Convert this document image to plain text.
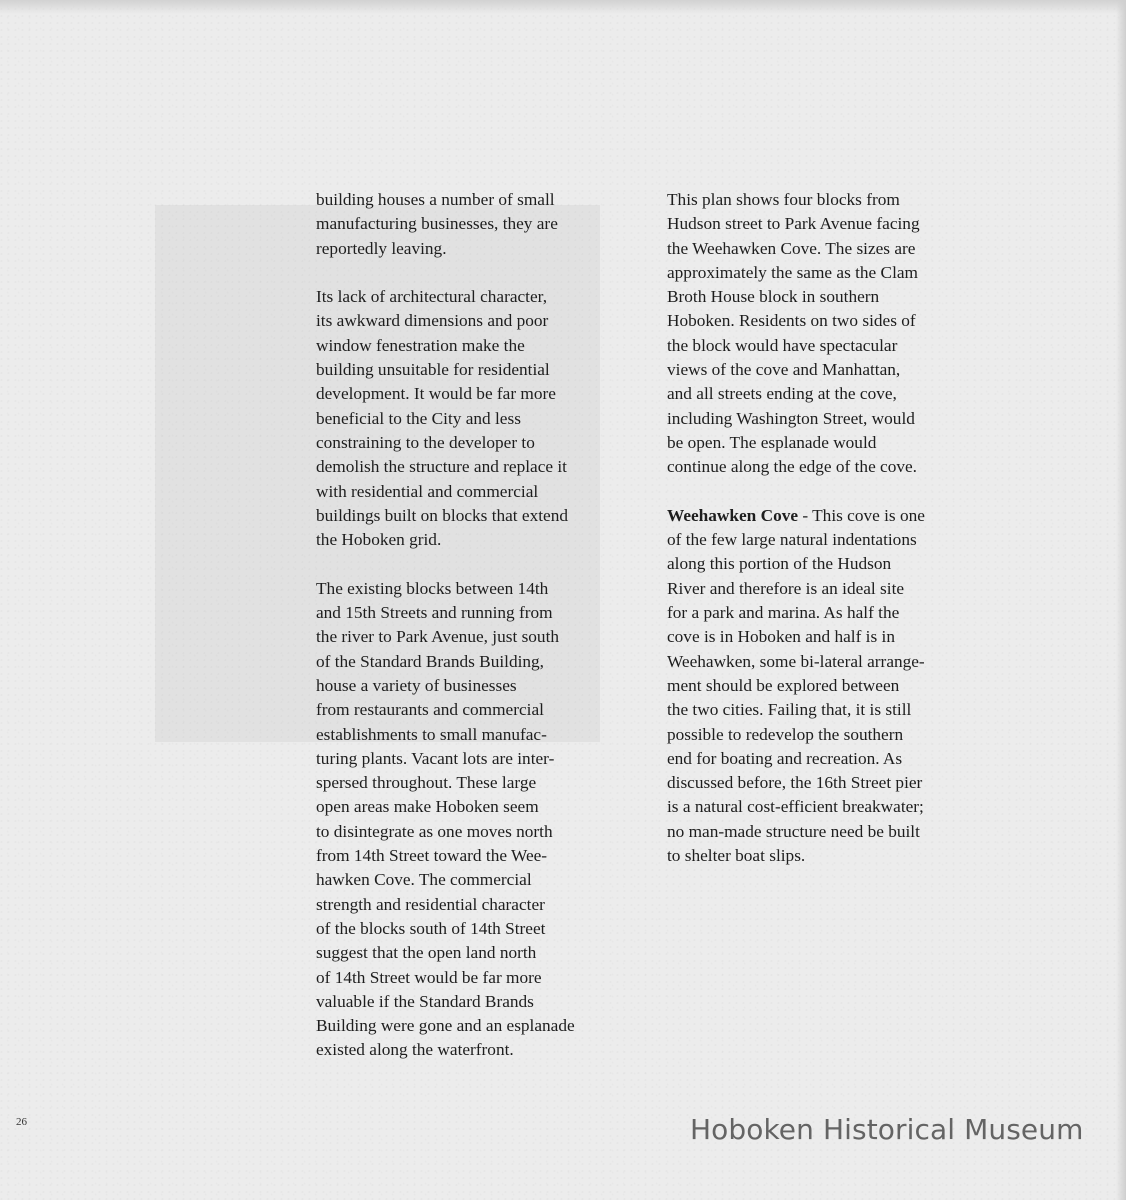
building houses a number of small
manufacturing businesses, they are
reportedly leaving.

Its lack of architectural character,
its awkward dimensions and poor
window fenestration make the
building unsuitable for residential
development. It would be far more
beneficial to the City and less
constraining to the developer to
demolish the structure and replace it
with residential and commercial
buildings built on blocks that extend
the Hoboken grid.

The existing blocks between 14th
and 15th Streets and running from
the river to Park Avenue, just south
of the Standard Brands Building,
house a variety of businesses
from restaurants and commercial
establishments to small manufac-
turing plants. Vacant lots are inter-
spersed throughout. These large
open areas make Hoboken seem
to disintegrate as one moves north
from 14th Street toward the Wee-
hawken Cove. The commercial
strength and residential character
of the blocks south of 14th Street
suggest that the open land north
of 14th Street would be far more
valuable if the Standard Brands
Building were gone and an esplanade
existed along the waterfront.

This plan shows four blocks from
Hudson street to Park Avenue facing
the Weehawken Cove. The sizes are
approximately the same as the Clam
Broth House block in southern
Hoboken. Residents on two sides of
the block would have spectacular
views of the cove and Manhattan,
and all streets ending at the cove,
including Washington Street, would
be open. The esplanade would
continue along the edge of the cove.

Weehawken Cove - This cove is one
of the few large natural indentations
along this portion of the Hudson
River and therefore is an ideal site
for a park and marina. As half the
cove is in Hoboken and half is in
Weehawken, some bi-lateral arrange-
ment should be explored between
the two cities. Failing that, it is still
possible to redevelop the southern
end for boating and recreation. As
discussed before, the 16th Street pier
is a natural cost-efficient breakwater;
no man-made structure need be built
to shelter boat slips.

26	Hoboken Historical Museum
